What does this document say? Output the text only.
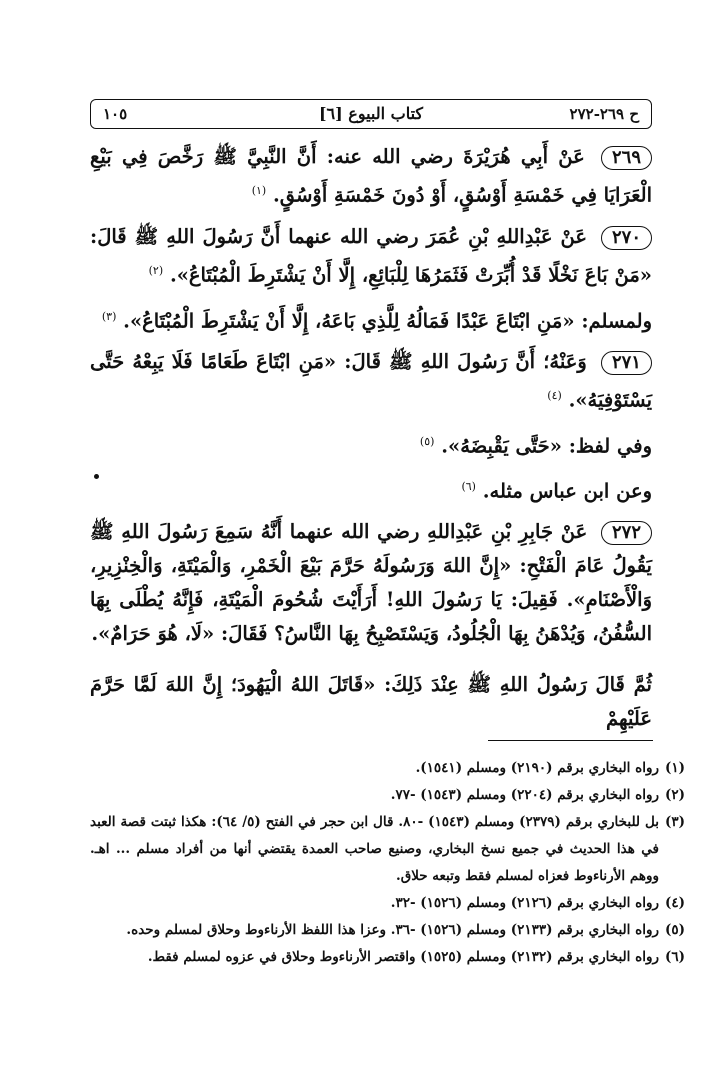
١٠٥	[٦] كتاب البيوع	ح ٢٦٩-٢٧٢

٢٦٩ عَنْ أَبِي هُرَيْرَةَ رضي الله عنه: أَنَّ النَّبِيَّ ﷺ رَخَّصَ فِي بَيْعِ الْعَرَايَا فِي خَمْسَةِ أَوْسُقٍ، أَوْ دُونَ خَمْسَةِ أَوْسُقٍ. $^{(١)}$

٢٧٠ عَنْ عَبْدِاللهِ بْنِ عُمَرَ رضي الله عنهما أَنَّ رَسُولَ اللهِ ﷺ قَالَ: «مَنْ بَاعَ نَخْلًا قَدْ أُبِّرَتْ فَثَمَرُهَا لِلْبَائِعِ، إِلَّا أَنْ يَشْتَرِطَ الْمُبْتَاعُ». $^{(٢)}$

ولمسلم: «مَنِ ابْتَاعَ عَبْدًا فَمَالُهُ لِلَّذِي بَاعَهُ، إِلَّا أَنْ يَشْتَرِطَ الْمُبْتَاعُ». $^{(٣)}$

٢٧١ وَعَنْهُ؛ أَنَّ رَسُولَ اللهِ ﷺ قَالَ: «مَنِ ابْتَاعَ طَعَامًا فَلَا يَبِعْهُ حَتَّى يَسْتَوْفِيَهُ». $^{(٤)}$

وفي لفظ: «حَتَّى يَقْبِضَهُ». $^{(٥)}$

وعن ابن عباس مثله. $^{(٦)}$

٢٧٢ عَنْ جَابِرِ بْنِ عَبْدِاللهِ رضي الله عنهما أَنَّهُ سَمِعَ رَسُولَ اللهِ ﷺ يَقُولُ عَامَ الْفَتْحِ: «إِنَّ اللهَ وَرَسُولَهُ حَرَّمَ بَيْعَ الْخَمْرِ، وَالْمَيْتَةِ، وَالْخِنْزِيرِ، وَالْأَصْنَامِ». فَقِيلَ: يَا رَسُولَ اللهِ! أَرَأَيْتَ شُحُومَ الْمَيْتَةِ، فَإِنَّهُ يُطْلَى بِهَا السُّفُنُ، وَيُدْهَنُ بِهَا الْجُلُودُ، وَيَسْتَصْبِحُ بِهَا النَّاسُ؟ فَقَالَ: «لَا، هُوَ حَرَامٌ».

ثُمَّ قَالَ رَسُولُ اللهِ ﷺ عِنْدَ ذَلِكَ: «قَاتَلَ اللهُ الْيَهُودَ؛ إِنَّ اللهَ لَمَّا حَرَّمَ عَلَيْهِمْ

(١)
رواه البخاري برقم (٢١٩٠) ومسلم (١٥٤١).

(٢)
رواه البخاري برقم (٢٢٠٤) ومسلم (١٥٤٣) -٧٧.

(٣)
بل للبخاري برقم (٢٣٧٩) ومسلم (١٥٤٣) -٨٠. قال ابن حجر في الفتح (٥/ ٦٤): هكذا ثبتت قصة العبد في هذا الحديث في جميع نسخ البخاري، وصنيع صاحب العمدة يقتضي أنها من أفراد مسلم ... اهـ. ووهم الأرناءوط فعزاه لمسلم فقط وتبعه حلاق.

(٤)
رواه البخاري برقم (٢١٢٦) ومسلم (١٥٢٦) -٣٢.

(٥)
رواه البخاري برقم (٢١٣٣) ومسلم (١٥٢٦) -٣٦. وعزا هذا اللفظ الأرناءوط وحلاق لمسلم وحده.

(٦)
رواه البخاري برقم (٢١٣٢) ومسلم (١٥٢٥) واقتصر الأرناءوط وحلاق في عزوه لمسلم فقط.
